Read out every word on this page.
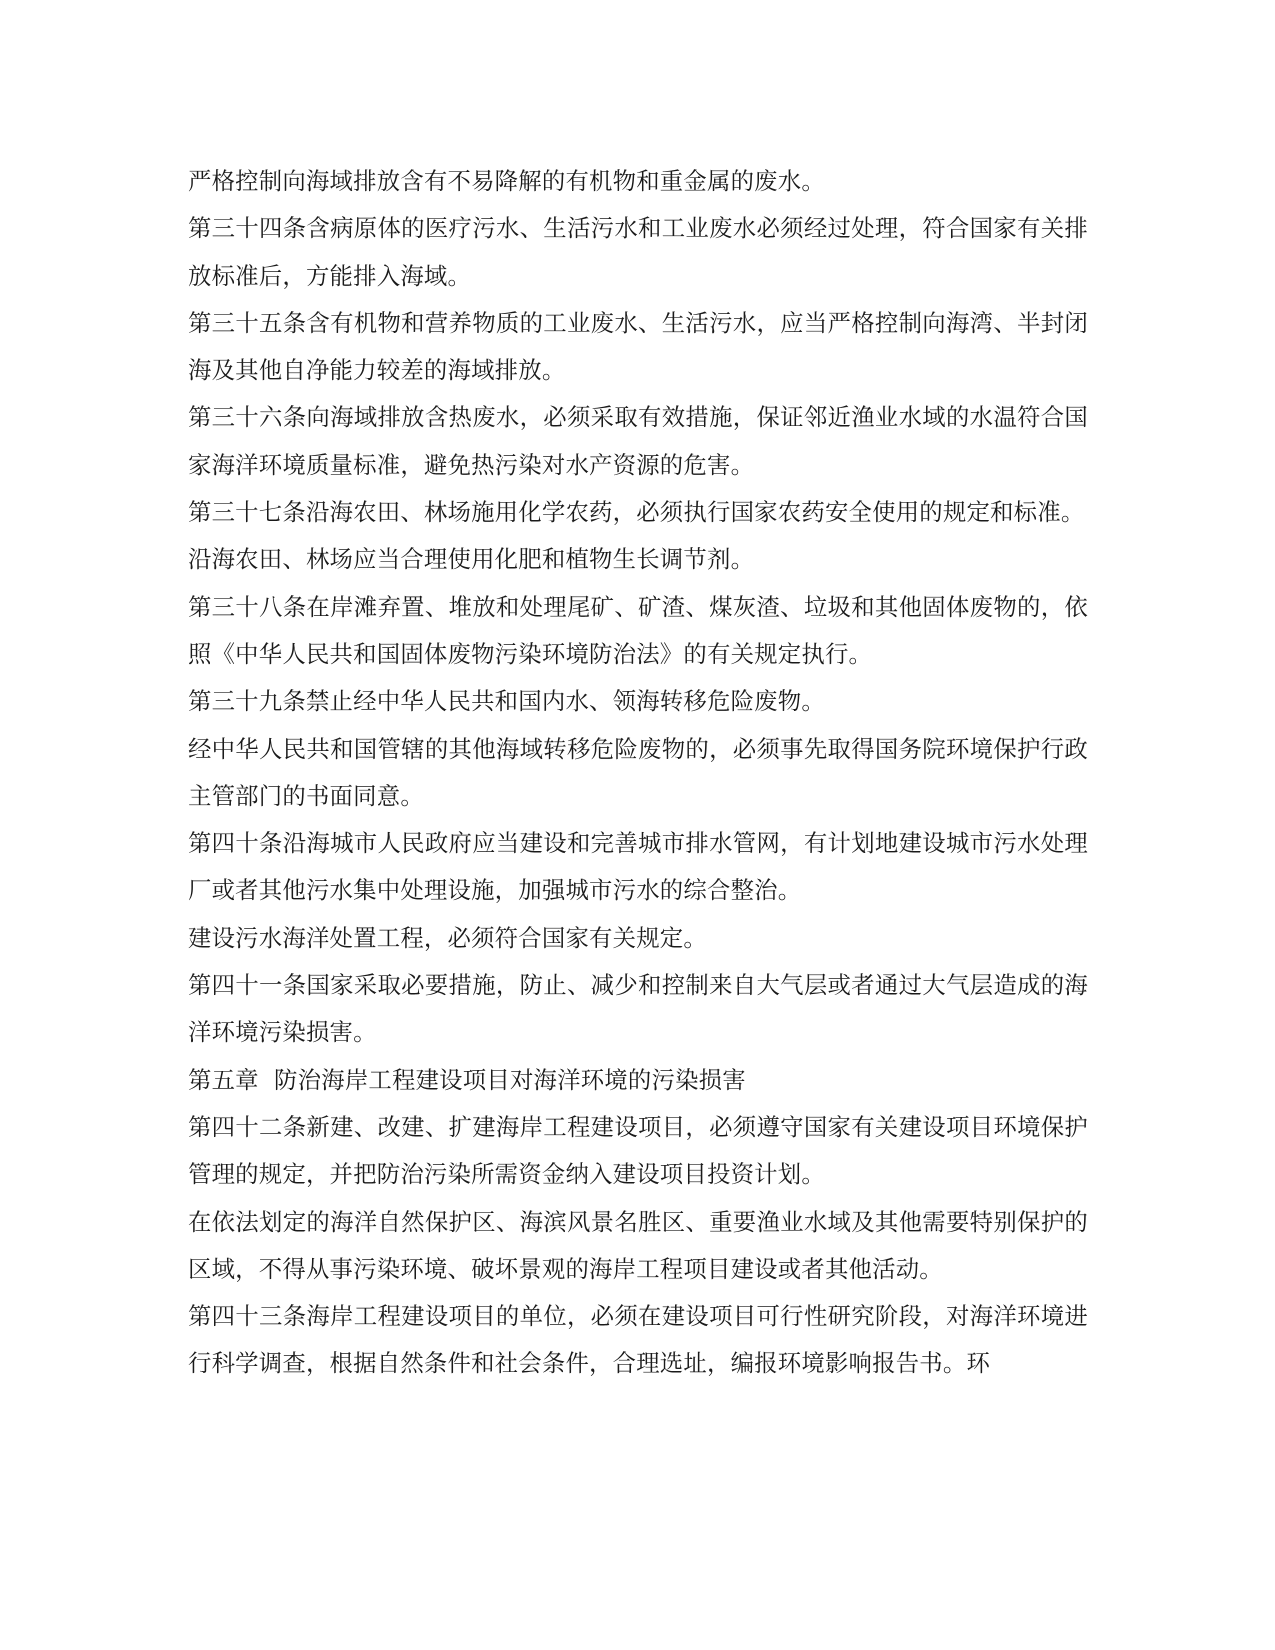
严格控制向海域排放含有不易降解的有机物和重金属的废水。

第三十四条含病原体的医疗污水、生活污水和工业废水必须经过处理，符合国家有关排放标准后，方能排入海域。

第三十五条含有机物和营养物质的工业废水、生活污水，应当严格控制向海湾、半封闭海及其他自净能力较差的海域排放。

第三十六条向海域排放含热废水，必须采取有效措施，保证邻近渔业水域的水温符合国家海洋环境质量标准，避免热污染对水产资源的危害。

第三十七条沿海农田、林场施用化学农药，必须执行国家农药安全使用的规定和标准。

沿海农田、林场应当合理使用化肥和植物生长调节剂。

第三十八条在岸滩弃置、堆放和处理尾矿、矿渣、煤灰渣、垃圾和其他固体废物的，依照《中华人民共和国固体废物污染环境防治法》的有关规定执行。

第三十九条禁止经中华人民共和国内水、领海转移危险废物。

经中华人民共和国管辖的其他海域转移危险废物的，必须事先取得国务院环境保护行政主管部门的书面同意。

第四十条沿海城市人民政府应当建设和完善城市排水管网，有计划地建设城市污水处理厂或者其他污水集中处理设施，加强城市污水的综合整治。

建设污水海洋处置工程，必须符合国家有关规定。

第四十一条国家采取必要措施，防止、减少和控制来自大气层或者通过大气层造成的海洋环境污染损害。

第五章  防治海岸工程建设项目对海洋环境的污染损害

第四十二条新建、改建、扩建海岸工程建设项目，必须遵守国家有关建设项目环境保护管理的规定，并把防治污染所需资金纳入建设项目投资计划。

在依法划定的海洋自然保护区、海滨风景名胜区、重要渔业水域及其他需要特别保护的区域，不得从事污染环境、破坏景观的海岸工程项目建设或者其他活动。

第四十三条海岸工程建设项目的单位，必须在建设项目可行性研究阶段，对海洋环境进行科学调查，根据自然条件和社会条件，合理选址，编报环境影响报告书。环
